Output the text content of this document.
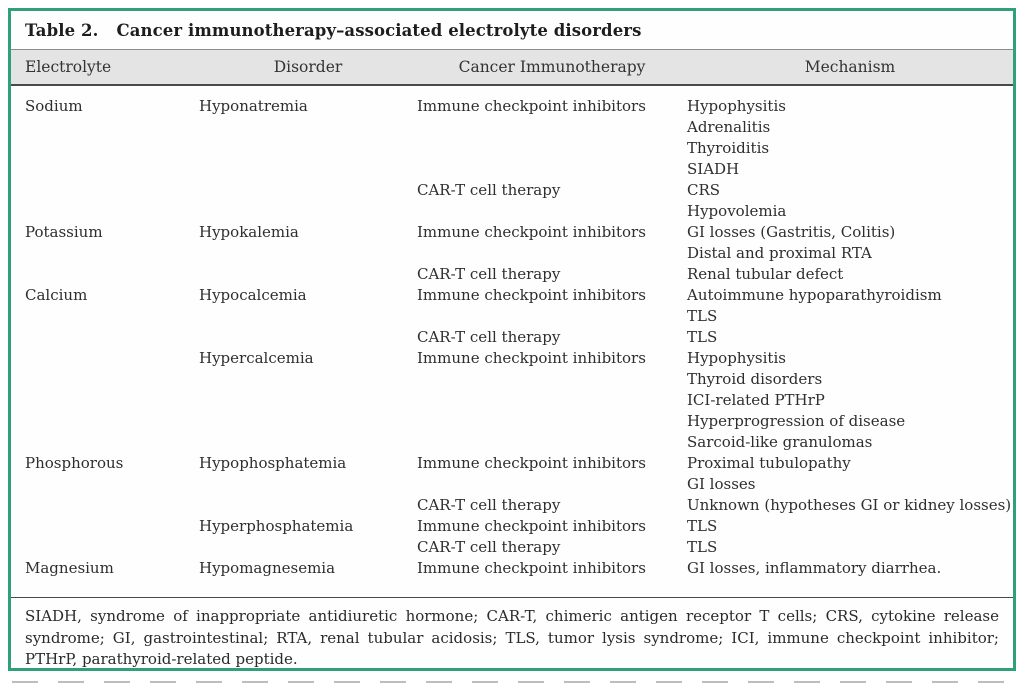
Table 2. Cancer immunotherapy–associated electrolyte disorders
Electrolyte	Disorder	Cancer Immunotherapy	Mechanism
Sodium	Hyponatremia	Immune checkpoint inhibitors	Hypophysitis
			Adrenalitis
			Thyroiditis
			SIADH
		CAR-T cell therapy	CRS
			Hypovolemia
Potassium	Hypokalemia	Immune checkpoint inhibitors	GI losses (Gastritis, Colitis)
			Distal and proximal RTA
		CAR-T cell therapy	Renal tubular defect
Calcium	Hypocalcemia	Immune checkpoint inhibitors	Autoimmune hypoparathyroidism
			TLS
		CAR-T cell therapy	TLS
	Hypercalcemia	Immune checkpoint inhibitors	Hypophysitis
			Thyroid disorders
			ICI-related PTHrP
			Hyperprogression of disease
			Sarcoid-like granulomas
Phosphorous	Hypophosphatemia	Immune checkpoint inhibitors	Proximal tubulopathy
			GI losses
		CAR-T cell therapy	Unknown (hypotheses GI or kidney losses)
	Hyperphosphatemia	Immune checkpoint inhibitors	TLS
		CAR-T cell therapy	TLS
Magnesium	Hypomagnesemia	Immune checkpoint inhibitors	GI losses, inflammatory diarrhea.
SIADH, syndrome of inappropriate antidiuretic hormone; CAR-T, chimeric antigen receptor T cells; CRS, cytokine release syndrome; GI, gastrointestinal; RTA, renal tubular acidosis; TLS, tumor lysis syndrome; ICI, immune checkpoint inhibitor; PTHrP, parathyroid-related peptide.
